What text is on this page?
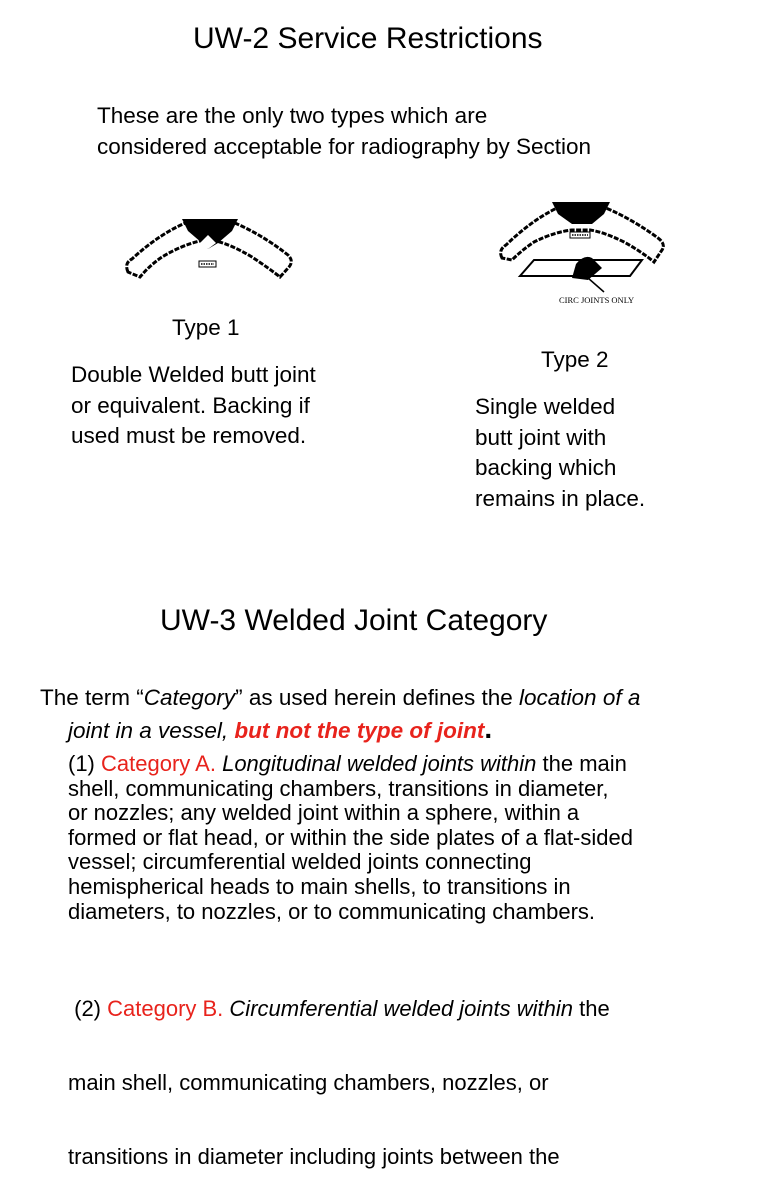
UW-2 Service Restrictions
These are the only two types which are
considered acceptable for radiography by Section
Type 1
Double Welded butt joint
or equivalent. Backing if
used must be removed.
CIRC JOINTS ONLY
Type 2
Single welded
butt joint with
backing which
remains in place.
UW-3 Welded Joint Category
The term “Category” as used herein defines the location of a
joint in a vessel, but not the type of joint.
(1) Category A. Longitudinal welded joints within the main
shell, communicating chambers, transitions in diameter,
or nozzles; any welded joint within a sphere, within a
formed or flat head, or within the side plates of a flat-sided
vessel; circumferential welded joints connecting
hemispherical heads to main shells, to transitions in
diameters, to nozzles, or to communicating chambers.

(2) Category B. Circumferential welded joints within the

main shell, communicating chambers, nozzles, or

transitions in diameter including joints between the
